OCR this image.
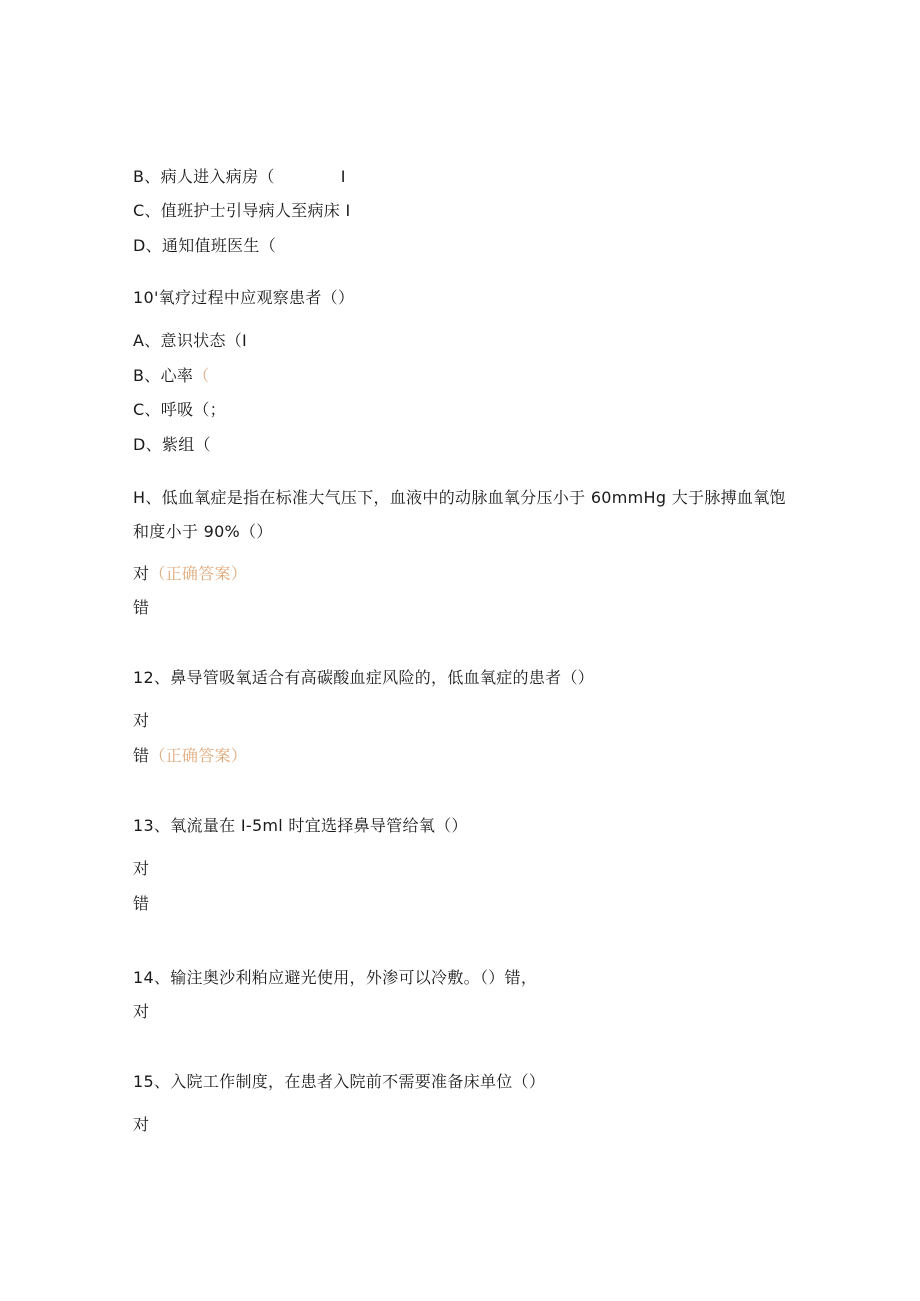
B、病人进入病房（	I
C、值班护士引导病人至病床 I
D、通知值班医生（
10'氧疗过程中应观察患者（）
A、意识状态（I
B、心率（
C、呼吸（；
D、紫组（
H、低血氧症是指在标准大气压下，血液中的动脉血氧分压小于 60mmHg 大于脉搏血氧饱和度小于 90%（）
对（正确答案）
错
12、鼻导管吸氧适合有高碳酸血症风险的，低血氧症的患者（）
对
错（正确答案）
13、氧流量在 I-5ml 时宜选择鼻导管给氧（）
对
错
14、输注奥沙利粕应避光使用，外渗可以冷敷。（）错，
对
15、入院工作制度，在患者入院前不需要准备床单位（）
对
